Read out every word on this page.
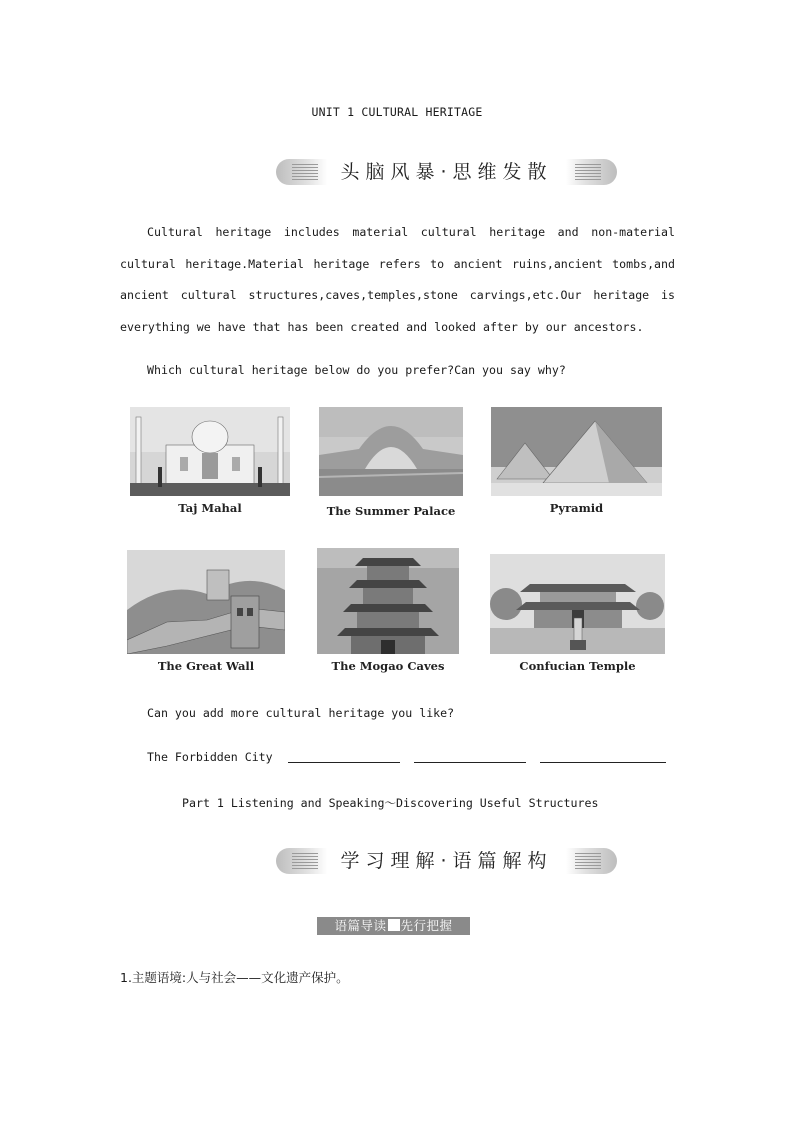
UNIT 1 CULTURAL HERITAGE
头脑风暴·思维发散
Cultural heritage includes material cultural heritage and non-material cultural heritage.Material heritage refers to ancient ruins,ancient tombs,and ancient cultural structures,caves,temples,stone carvings,etc.Our heritage is everything we have that has been created and looked after by our ancestors.
Which cultural heritage below do you prefer?Can you say why?
Taj Mahal	The Summer Palace	Pyramid
The Great Wall	The Mogao Caves	Confucian Temple
Can you add more cultural heritage you like?
The Forbidden City
Part 1 Listening and Speaking～Discovering Useful Structures
学习理解·语篇解构
语篇导读 先行把握
1.主题语境:人与社会——文化遗产保护。
